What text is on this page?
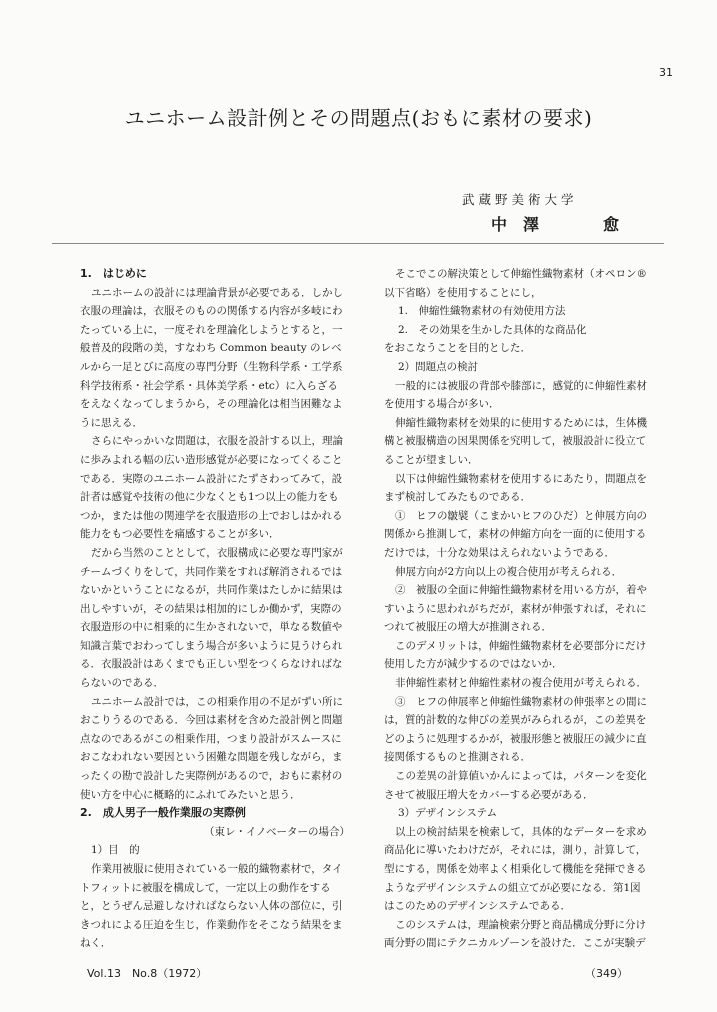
31
ユニホーム設計例とその問題点(おもに素材の要求)
武蔵野美術大学
中　澤　　　　愈
1.　はじめに
ユニホームの設計には理論背景が必要である．しかし
衣服の理論は，衣服そのものの関係する内容が多岐にわ
たっている上に，一度それを理論化しようとすると，一
般普及的段階の美，すなわち Common beauty のレベ
ルから一足とびに高度の専門分野（生物科学系・工学系
科学技術系・社会学系・具体美学系・etc）に入らざる
をえなくなってしまうから，その理論化は相当困難なよ
うに思える．
さらにやっかいな問題は，衣服を設計する以上，理論
に歩みよれる幅の広い造形感覚が必要になってくること
である．実際のユニホーム設計にたずさわってみて，設
計者は感覚や技術の他に少なくとも1つ以上の能力をも
つか，または他の関連学を衣服造形の上でおしはかれる
能力をもつ必要性を痛感することが多い．
だから当然のこととして，衣服構成に必要な専門家が
チームづくりをして，共同作業をすれば解消されるでは
ないかということになるが，共同作業はたしかに結果は
出しやすいが，その結果は相加的にしか働かず，実際の
衣服造形の中に相乗的に生かされないで，単なる数値や
知識言葉でおわってしまう場合が多いように見うけられ
る．衣服設計はあくまでも正しい型をつくらなければな
らないのである．
ユニホーム設計では，この相乗作用の不足がずい所に
おこりうるのである．今回は素材を含めた設計例と問題
点なのであるがこの相乗作用，つまり設計がスムースに
おこなわれない要因という困難な問題を残しながら，ま
ったくの勘で設計した実際例があるので，おもに素材の
使い方を中心に概略的にふれてみたいと思う．
2.　成人男子一般作業服の実際例
（東レ・イノベーターの場合）
1）目　的
作業用被服に使用されている一般的織物素材で，タイ
トフィットに被服を構成して，一定以上の動作をする
と，とうぜん忌避しなければならない人体の部位に，引
きつれによる圧迫を生じ，作業動作をそこなう結果をま
ねく．
そこでこの解決策として伸縮性織物素材（オペロン®
以下省略）を使用することにし，
1.　伸縮性織物素材の有効使用方法
2.　その効果を生かした具体的な商品化
をおこなうことを目的とした．
2）問題点の検討
一般的には被服の背部や膝部に，感覚的に伸縮性素材
を使用する場合が多い．
伸縮性織物素材を効果的に使用するためには，生体機
構と被服構造の因果関係を究明して，被服設計に役立て
ることが望ましい．
以下は伸縮性織物素材を使用するにあたり，問題点を
まず検討してみたものである．
①　ヒフの皺襞（こまかいヒフのひだ）と伸展方向の
関係から推測して，素材の伸縮方向を一面的に使用する
だけでは，十分な効果はえられないようである．
伸展方向が2方向以上の複合使用が考えられる．
②　被服の全面に伸縮性織物素材を用いる方が，着や
すいように思われがちだが，素材が伸張すれば，それに
つれて被服圧の増大が推測される．
このデメリットは，伸縮性織物素材を必要部分にだけ
使用した方が減少するのではないか．
非伸縮性素材と伸縮性素材の複合使用が考えられる．
③　ヒフの伸展率と伸縮性織物素材の伸張率との間に
は，質的計数的な伸びの差異がみられるが，この差異を
どのように処理するかが，被服形態と被服圧の減少に直
接関係するものと推測される．
この差異の計算値いかんによっては，パターンを変化
させて被服圧増大をカバーする必要がある．
3）デザインシステム
以上の検討結果を検索して，具体的なデーターを求め
商品化に導いたわけだが，それには，測り，計算して，
型にする，関係を効率よく相乗化して機能を発揮できる
ようなデザインシステムの組立てが必要になる．第1図
はこのためのデザインシステムである．
このシステムは，理論検索分野と商品構成分野に分け
両分野の間にテクニカルゾーンを設けた．ここが実験デ
Vol.13　No.8（1972）	（349）
